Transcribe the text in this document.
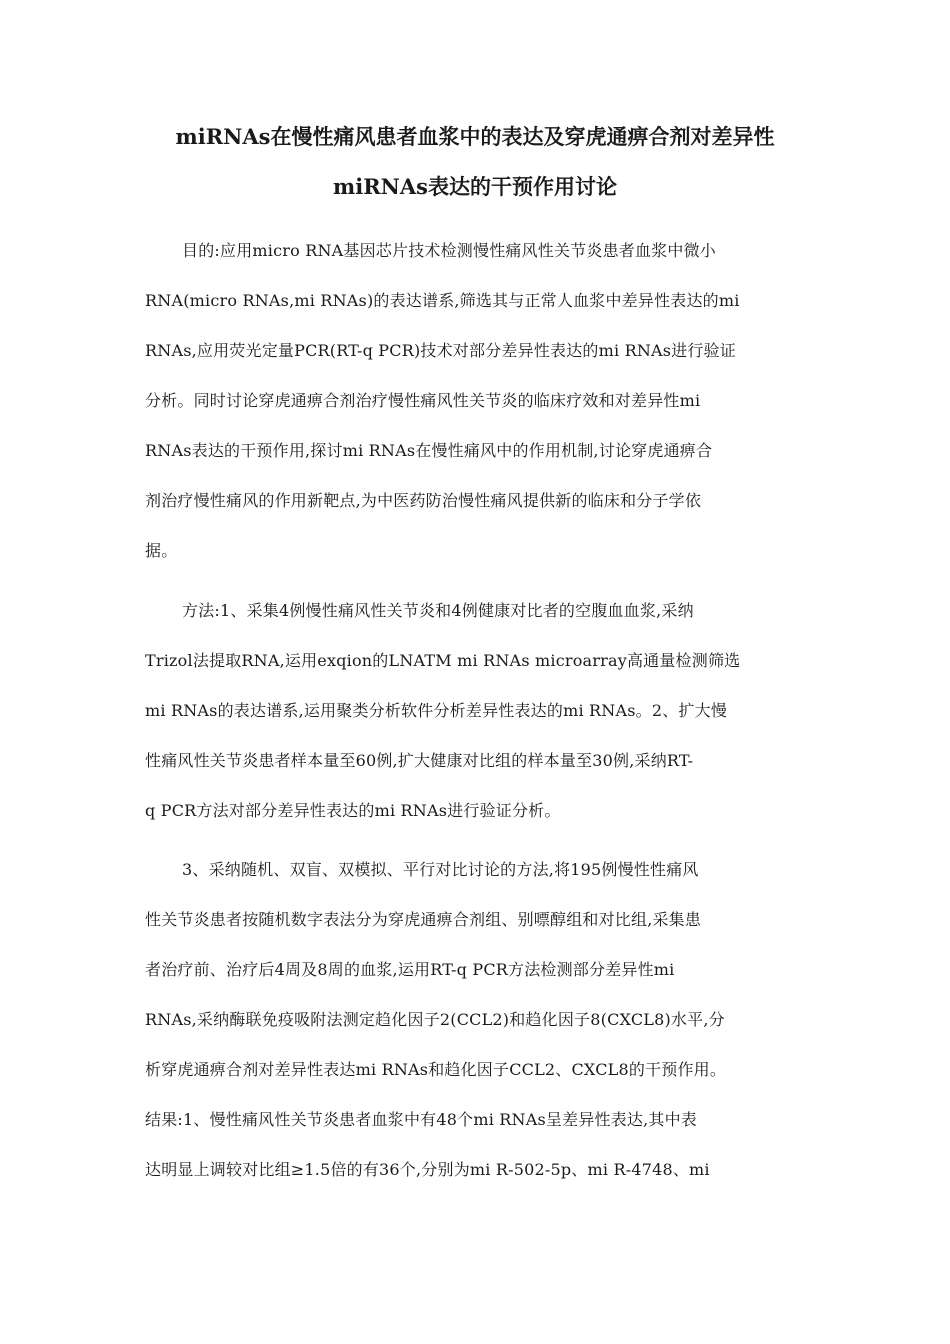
miRNAs在慢性痛风患者血浆中的表达及穿虎通痹合剂对差异性
miRNAs表达的干预作用讨论
目的:应用micro RNA基因芯片技术检测慢性痛风性关节炎患者血浆中微小
RNA(micro RNAs,mi RNAs)的表达谱系,筛选其与正常人血浆中差异性表达的mi
RNAs,应用荧光定量PCR(RT-q PCR)技术对部分差异性表达的mi RNAs进行验证
分析。同时讨论穿虎通痹合剂治疗慢性痛风性关节炎的临床疗效和对差异性mi
RNAs表达的干预作用,探讨mi RNAs在慢性痛风中的作用机制,讨论穿虎通痹合
剂治疗慢性痛风的作用新靶点,为中医药防治慢性痛风提供新的临床和分子学依
据。
方法:1、采集4例慢性痛风性关节炎和4例健康对比者的空腹血血浆,采纳
Trizol法提取RNA,运用exqion的LNATM mi RNAs microarray高通量检测筛选
mi RNAs的表达谱系,运用聚类分析软件分析差异性表达的mi RNAs。2、扩大慢
性痛风性关节炎患者样本量至60例,扩大健康对比组的样本量至30例,采纳RT-
q PCR方法对部分差异性表达的mi RNAs进行验证分析。
3、采纳随机、双盲、双模拟、平行对比讨论的方法,将195例慢性性痛风
性关节炎患者按随机数字表法分为穿虎通痹合剂组、别嘌醇组和对比组,采集患
者治疗前、治疗后4周及8周的血浆,运用RT-q PCR方法检测部分差异性mi
RNAs,采纳酶联免疫吸附法测定趋化因子2(CCL2)和趋化因子8(CXCL8)水平,分
析穿虎通痹合剂对差异性表达mi RNAs和趋化因子CCL2、CXCL8的干预作用。
结果:1、慢性痛风性关节炎患者血浆中有48个mi RNAs呈差异性表达,其中表
达明显上调较对比组≥1.5倍的有36个,分别为mi R-502-5p、mi R-4748、mi
